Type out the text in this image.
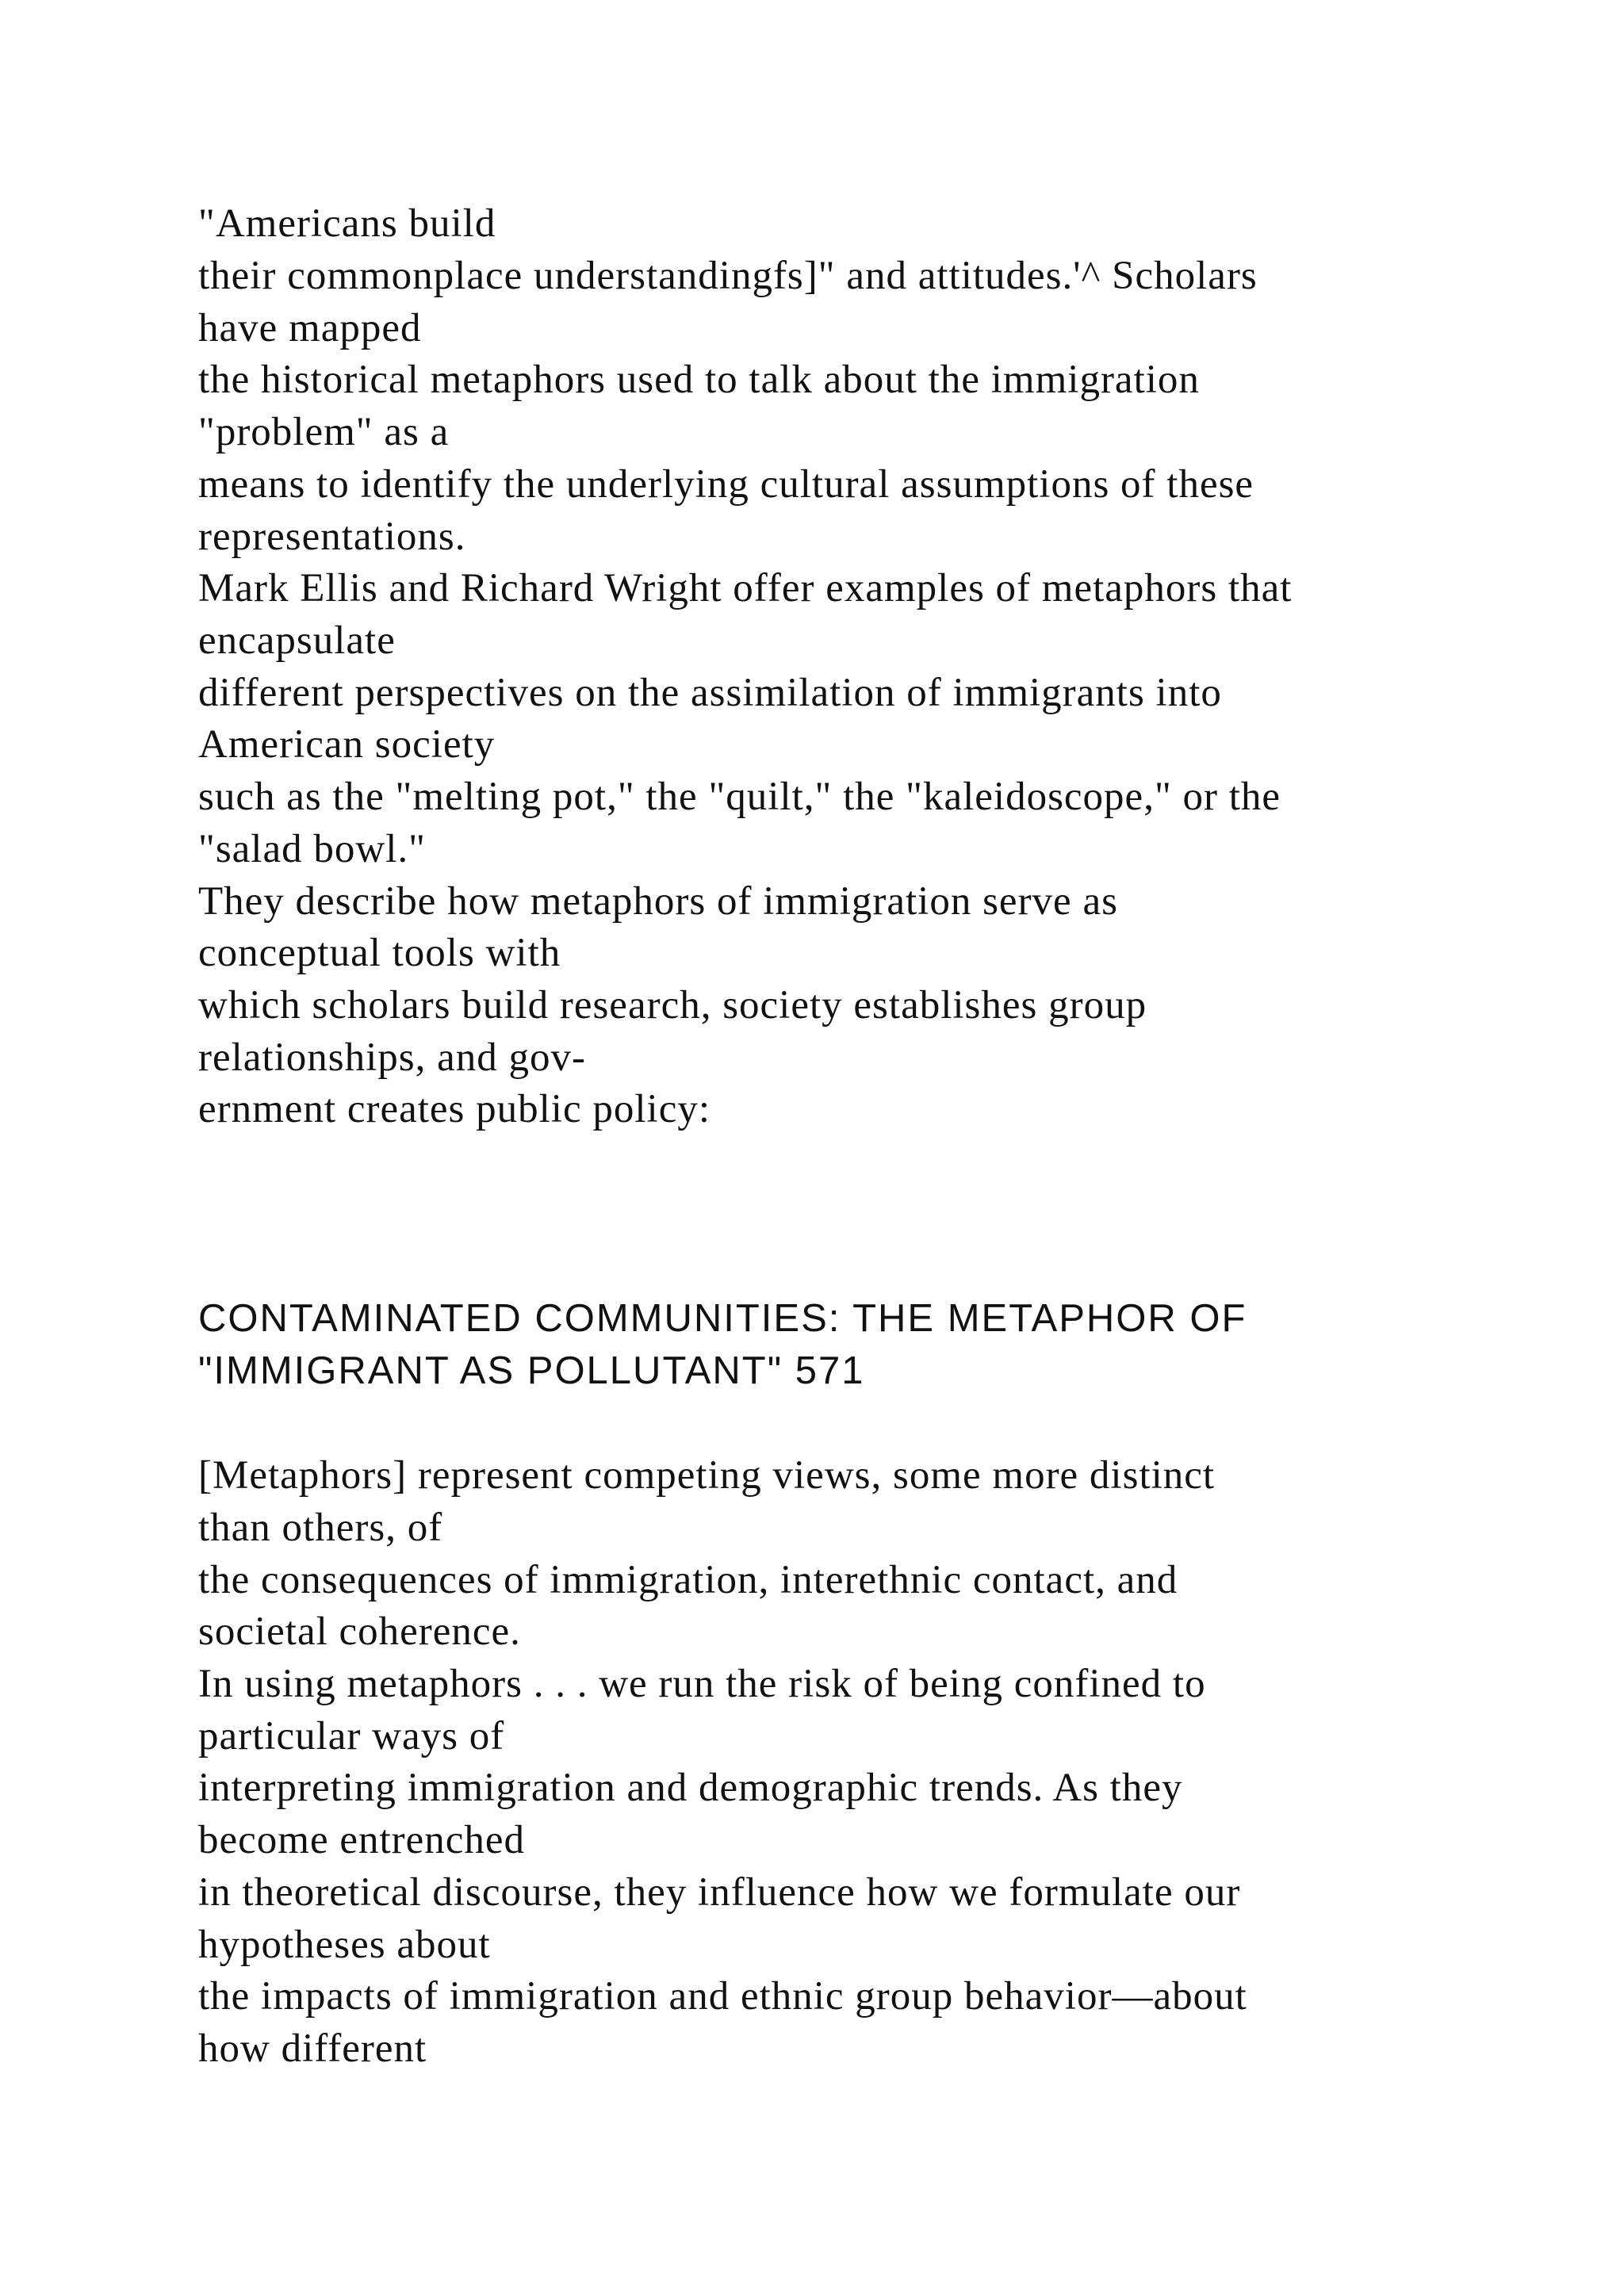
"Americans build
their commonplace understandingfs]" and attitudes.'^ Scholars
have mapped
the historical metaphors used to talk about the immigration
"problem" as a
means to identify the underlying cultural assumptions of these
representations.
Mark Ellis and Richard Wright offer examples of metaphors that
encapsulate
different perspectives on the assimilation of immigrants into
American society
such as the "melting pot," the "quilt," the "kaleidoscope," or the
"salad bowl."
They describe how metaphors of immigration serve as
conceptual tools with
which scholars build research, society establishes group
relationships, and gov-
ernment creates public policy:
CONTAMINATED COMMUNITIES: THE METAPHOR OF
"IMMIGRANT AS POLLUTANT" 571
[Metaphors] represent competing views, some more distinct
than others, of
the consequences of immigration, interethnic contact, and
societal coherence.
In using metaphors . . . we run the risk of being confined to
particular ways of
interpreting immigration and demographic trends. As they
become entrenched
in theoretical discourse, they influence how we formulate our
hypotheses about
the impacts of immigration and ethnic group behavior—about
how different
